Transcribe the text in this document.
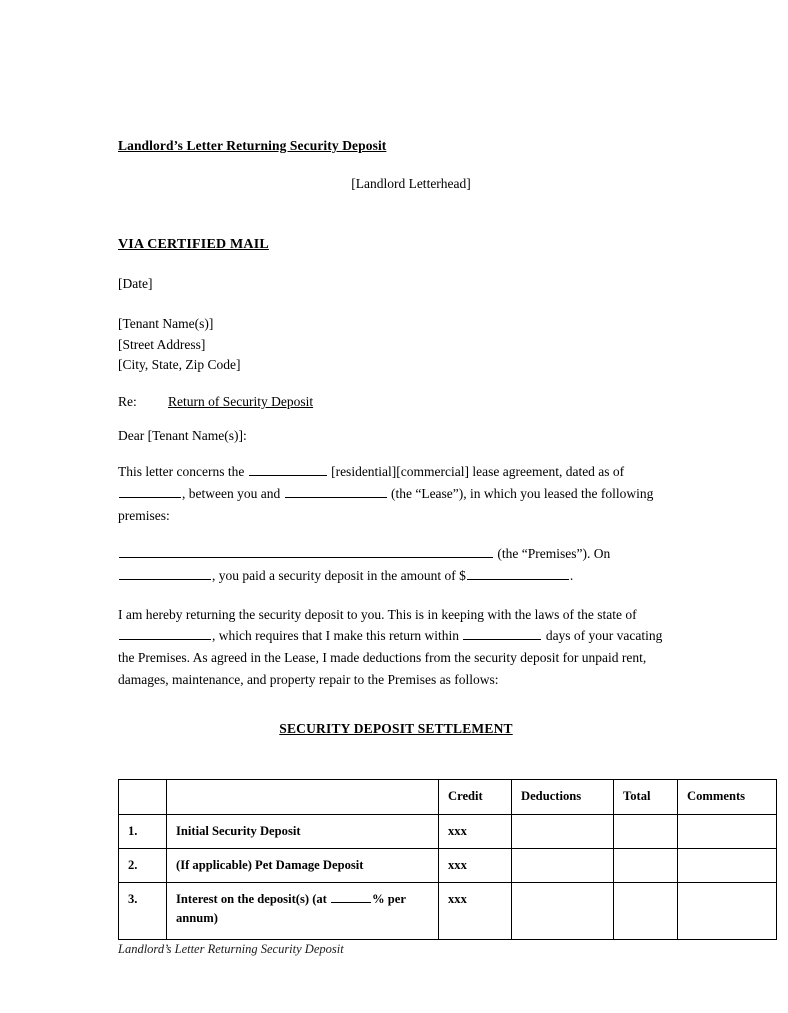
Landlord’s Letter Returning Security Deposit
[Landlord Letterhead]
VIA CERTIFIED MAIL
[Date]
[Tenant Name(s)]
[Street Address]
[City, State, Zip Code]
Re: Return of Security Deposit
Dear [Tenant Name(s)]:
This letter concerns the	[residential][commercial] lease agreement, dated as of , between you and	(the “Lease”), in which you leased the following premises:
(the “Premises”). On , you paid a security deposit in the amount of $	.
I am hereby returning the security deposit to you. This is in keeping with the laws of the state of , which requires that I make this return within	days of your vacating the Premises. As agreed in the Lease, I made deductions from the security deposit for unpaid rent, damages, maintenance, and property repair to the Premises as follows:
SECURITY DEPOSIT SETTLEMENT
		Credit	Deductions	Total	Comments
1.	Initial Security Deposit	xxx			
2.	(If applicable) Pet Damage Deposit	xxx			
3.	Interest on the deposit(s) (at % per annum)	xxx			
Landlord’s Letter Returning Security Deposit
